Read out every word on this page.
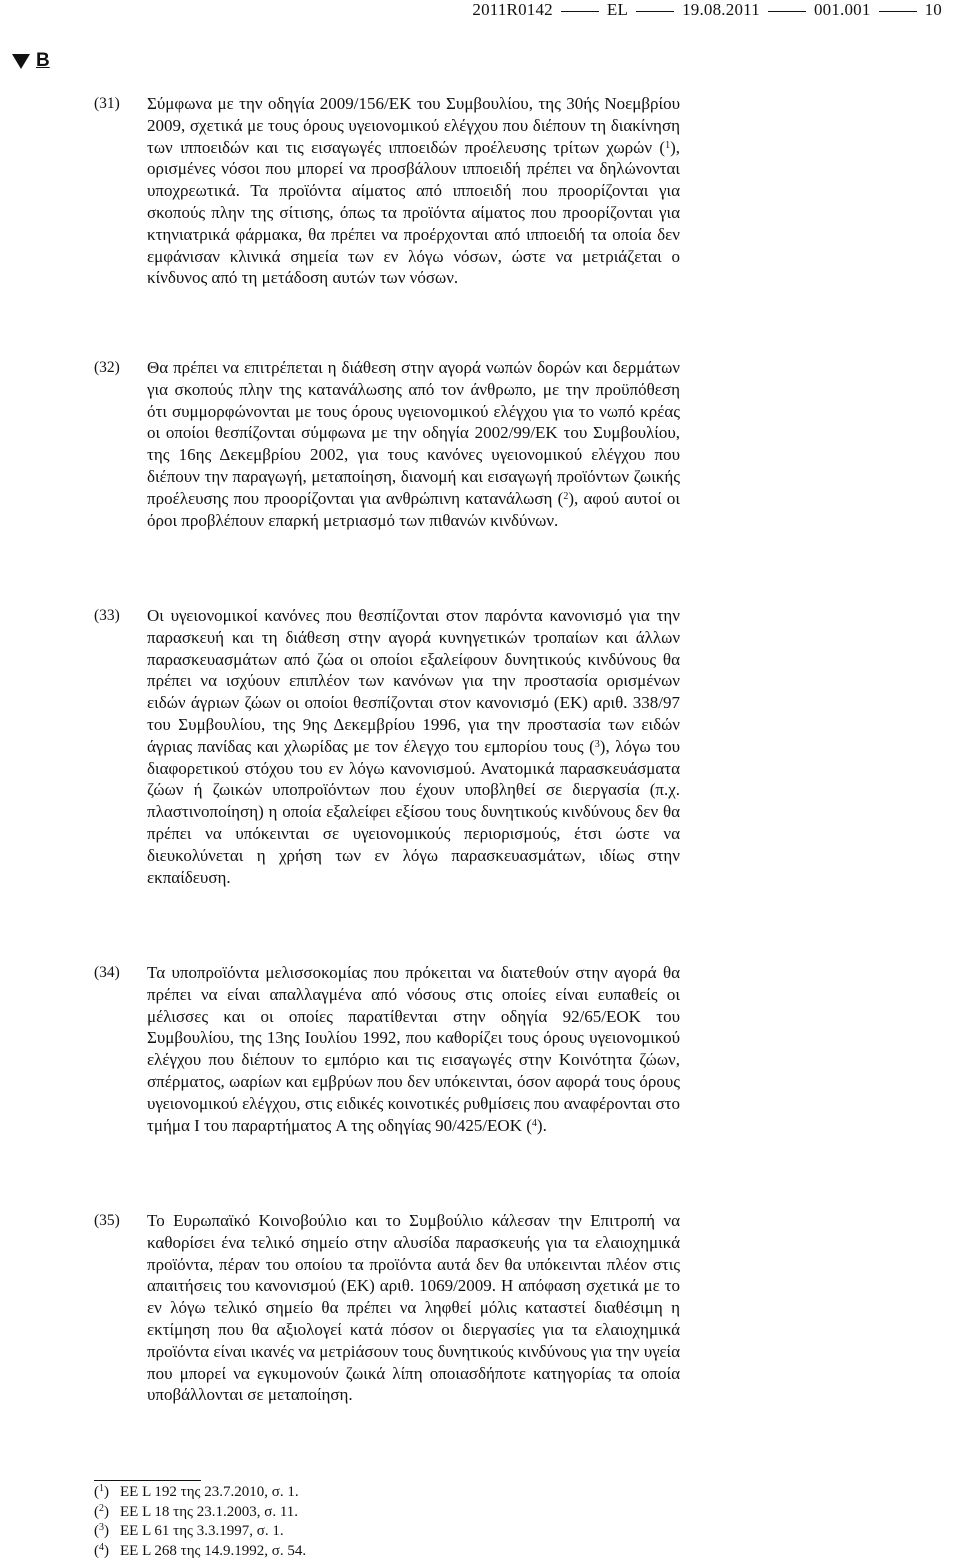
2011R0142	EL	19.08.2011	001.001	10
B
(31) Σύμφωνα με την οδηγία 2009/156/ΕΚ του Συμβουλίου, της 30ής Νοεμβρίου 2009, σχετικά με τους όρους υγειονομικού ελέγχου που διέπουν τη διακίνηση των ιπποειδών και τις εισαγωγές ιπποειδών προέλευσης τρίτων χωρών ($^1$), ορισμένες νόσοι που μπορεί να προσβάλουν ιπποειδή πρέπει να δηλώνονται υποχρεωτικά. Τα προϊόντα αίματος από ιπποειδή που προορίζονται για σκοπούς πλην της σίτισης, όπως τα προϊόντα αίματος που προορίζονται για κτηνιατρικά φάρμακα, θα πρέπει να προέρχονται από ιπποειδή τα οποία δεν εμφάνισαν κλινικά σημεία των εν λόγω νόσων, ώστε να μετριάζεται ο κίνδυνος από τη μετάδοση αυτών των νόσων.
(32) Θα πρέπει να επιτρέπεται η διάθεση στην αγορά νωπών δορών και δερμάτων για σκοπούς πλην της κατανάλωσης από τον άνθρωπο, με την προϋπόθεση ότι συμμορφώνονται με τους όρους υγειονομικού ελέγχου για το νωπό κρέας οι οποίοι θεσπίζονται σύμφωνα με την οδηγία 2002/99/ΕΚ του Συμβουλίου, της 16ης Δεκεμβρίου 2002, για τους κανόνες υγειονομικού ελέγχου που διέπουν την παραγωγή, μεταποίηση, διανομή και εισαγωγή προϊόντων ζωικής προέλευσης που προορίζονται για ανθρώπινη κατανάλωση ($^2$), αφού αυτοί οι όροι προβλέπουν επαρκή μετριασμό των πιθανών κινδύνων.
(33) Οι υγειονομικοί κανόνες που θεσπίζονται στον παρόντα κανονισμό για την παρασκευή και τη διάθεση στην αγορά κυνηγετικών τροπαίων και άλλων παρασκευασμάτων από ζώα οι οποίοι εξαλείφουν δυνητικούς κινδύνους θα πρέπει να ισχύουν επιπλέον των κανόνων για την προστασία ορισμένων ειδών άγριων ζώων οι οποίοι θεσπίζονται στον κανονισμό (ΕΚ) αριθ. 338/97 του Συμβουλίου, της 9ης Δεκεμβρίου 1996, για την προστασία των ειδών άγριας πανίδας και χλωρίδας με τον έλεγχο του εμπορίου τους ($^3$), λόγω του διαφορετικού στόχου του εν λόγω κανονισμού. Ανατομικά παρασκευάσματα ζώων ή ζωικών υποπροϊόντων που έχουν υποβληθεί σε διεργασία (π.χ. πλαστινοποίηση) η οποία εξαλείφει εξίσου τους δυνητικούς κινδύνους δεν θα πρέπει να υπόκεινται σε υγειονομικούς περιορισμούς, έτσι ώστε να διευκολύνεται η χρήση των εν λόγω παρασκευασμάτων, ιδίως στην εκπαίδευση.
(34) Τα υποπροϊόντα μελισσοκομίας που πρόκειται να διατεθούν στην αγορά θα πρέπει να είναι απαλλαγμένα από νόσους στις οποίες είναι ευπαθείς οι μέλισσες και οι οποίες παρατίθενται στην οδηγία 92/65/ΕΟΚ του Συμβουλίου, της 13ης Ιουλίου 1992, που καθορίζει τους όρους υγειονομικού ελέγχου που διέπουν το εμπόριο και τις εισαγωγές στην Κοινότητα ζώων, σπέρματος, ωαρίων και εμβρύων που δεν υπόκεινται, όσον αφορά τους όρους υγειονομικού ελέγχου, στις ειδικές κοινοτικές ρυθμίσεις που αναφέρονται στο τμήμα I του παραρτήματος A της οδηγίας 90/425/ΕΟΚ ($^4$).
(35) Το Ευρωπαϊκό Κοινοβούλιο και το Συμβούλιο κάλεσαν την Επιτροπή να καθορίσει ένα τελικό σημείο στην αλυσίδα παρασκευής για τα ελαιοχημικά προϊόντα, πέραν του οποίου τα προϊόντα αυτά δεν θα υπόκεινται πλέον στις απαιτήσεις του κανονισμού (ΕΚ) αριθ. 1069/2009. Η απόφαση σχετικά με το εν λόγω τελικό σημείο θα πρέπει να ληφθεί μόλις καταστεί διαθέσιμη η εκτίμηση που θα αξιολογεί κατά πόσον οι διεργασίες για τα ελαιοχημικά προϊόντα είναι ικανές να μετρiάσουν τους δυνητικούς κινδύνους για την υγεία που μπορεί να εγκυμονούν ζωικά λίπη οποιασδήποτε κατηγορίας τα οποία υποβάλλονται σε μεταποίηση.
($^1$) ΕΕ L 192 της 23.7.2010, σ. 1.
($^2$) ΕΕ L 18 της 23.1.2003, σ. 11.
($^3$) ΕΕ L 61 της 3.3.1997, σ. 1.
($^4$) ΕΕ L 268 της 14.9.1992, σ. 54.
